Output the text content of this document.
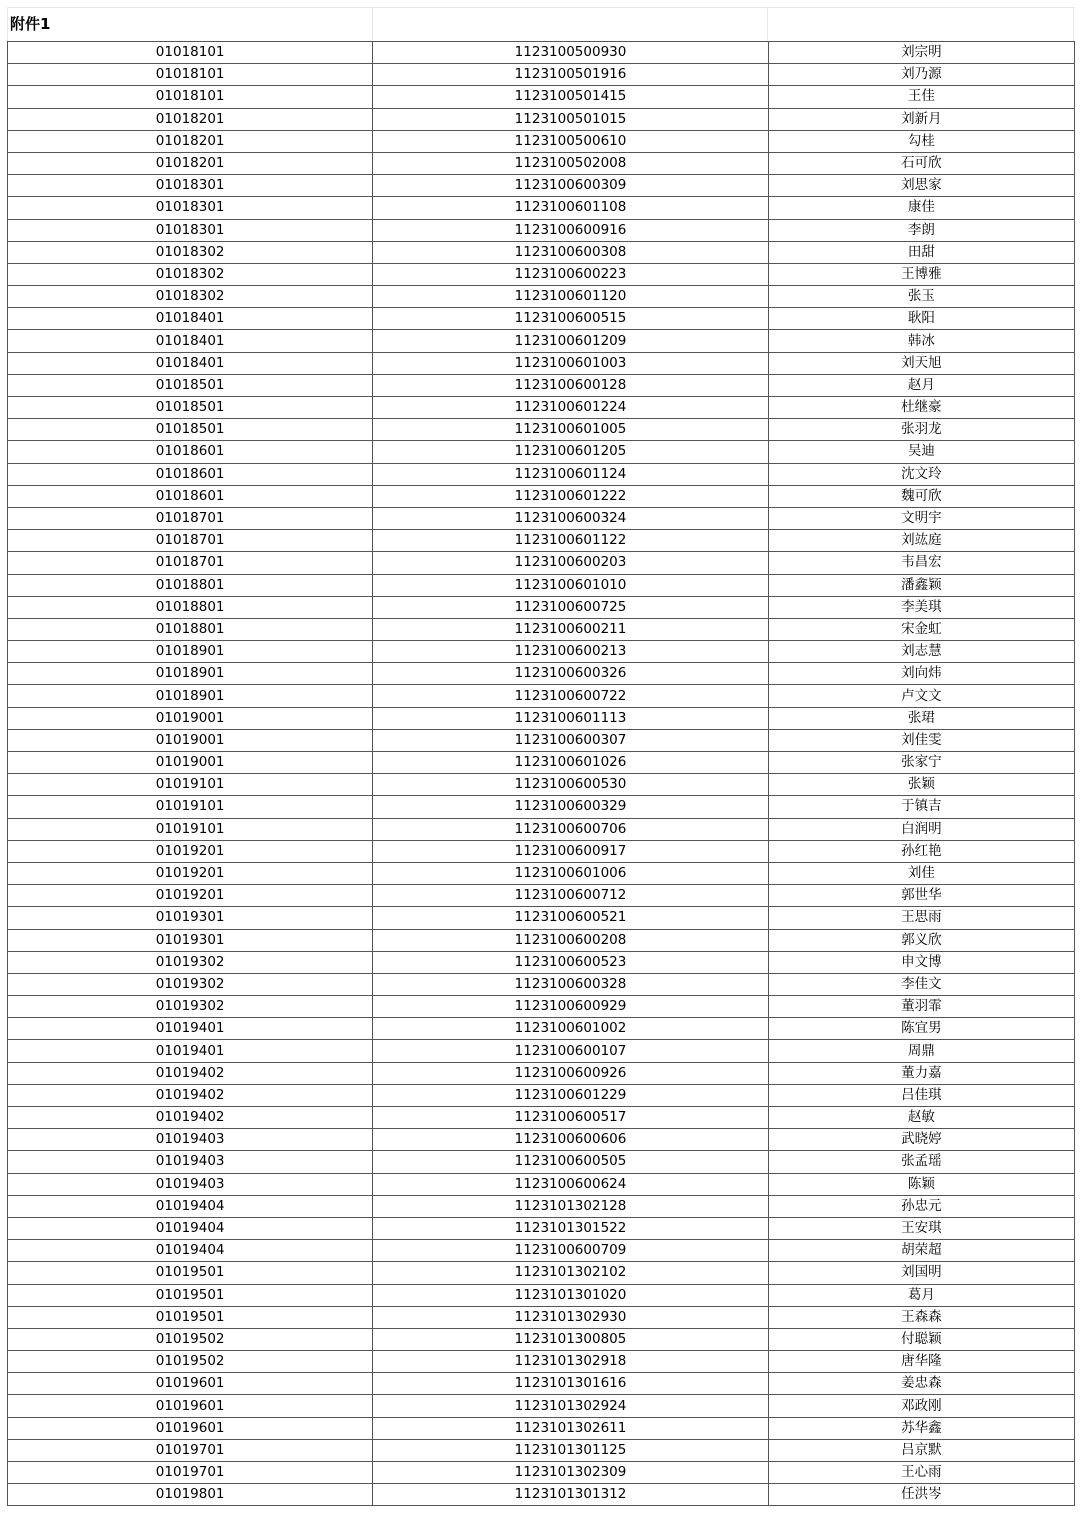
附件1
01018101	1123100500930	刘宗明
01018101	1123100501916	刘乃源
01018101	1123100501415	王佳
01018201	1123100501015	刘新月
01018201	1123100500610	勾桂
01018201	1123100502008	石可欣
01018301	1123100600309	刘思家
01018301	1123100601108	康佳
01018301	1123100600916	李朗
01018302	1123100600308	田甜
01018302	1123100600223	王博雅
01018302	1123100601120	张玉
01018401	1123100600515	耿阳
01018401	1123100601209	韩冰
01018401	1123100601003	刘天旭
01018501	1123100600128	赵月
01018501	1123100601224	杜继豪
01018501	1123100601005	张羽龙
01018601	1123100601205	吴迪
01018601	1123100601124	沈文玲
01018601	1123100601222	魏可欣
01018701	1123100600324	文明宇
01018701	1123100601122	刘竑庭
01018701	1123100600203	韦昌宏
01018801	1123100601010	潘鑫颖
01018801	1123100600725	李美琪
01018801	1123100600211	宋金虹
01018901	1123100600213	刘志慧
01018901	1123100600326	刘向炜
01018901	1123100600722	卢文文
01019001	1123100601113	张珺
01019001	1123100600307	刘佳雯
01019001	1123100601026	张家宁
01019101	1123100600530	张颖
01019101	1123100600329	于镇吉
01019101	1123100600706	白润明
01019201	1123100600917	孙红艳
01019201	1123100601006	刘佳
01019201	1123100600712	郭世华
01019301	1123100600521	王思雨
01019301	1123100600208	郭义欣
01019302	1123100600523	申文博
01019302	1123100600328	李佳文
01019302	1123100600929	董羽霏
01019401	1123100601002	陈宜男
01019401	1123100600107	周鼎
01019402	1123100600926	董力嘉
01019402	1123100601229	吕佳琪
01019402	1123100600517	赵敏
01019403	1123100600606	武晓婷
01019403	1123100600505	张孟瑶
01019403	1123100600624	陈颖
01019404	1123101302128	孙忠元
01019404	1123101301522	王安琪
01019404	1123100600709	胡荣超
01019501	1123101302102	刘国明
01019501	1123101301020	葛月
01019501	1123101302930	王森森
01019502	1123101300805	付聪颖
01019502	1123101302918	唐华隆
01019601	1123101301616	姜忠森
01019601	1123101302924	邓政刚
01019601	1123101302611	苏华鑫
01019701	1123101301125	吕京默
01019701	1123101302309	王心雨
01019801	1123101301312	任洪岑
